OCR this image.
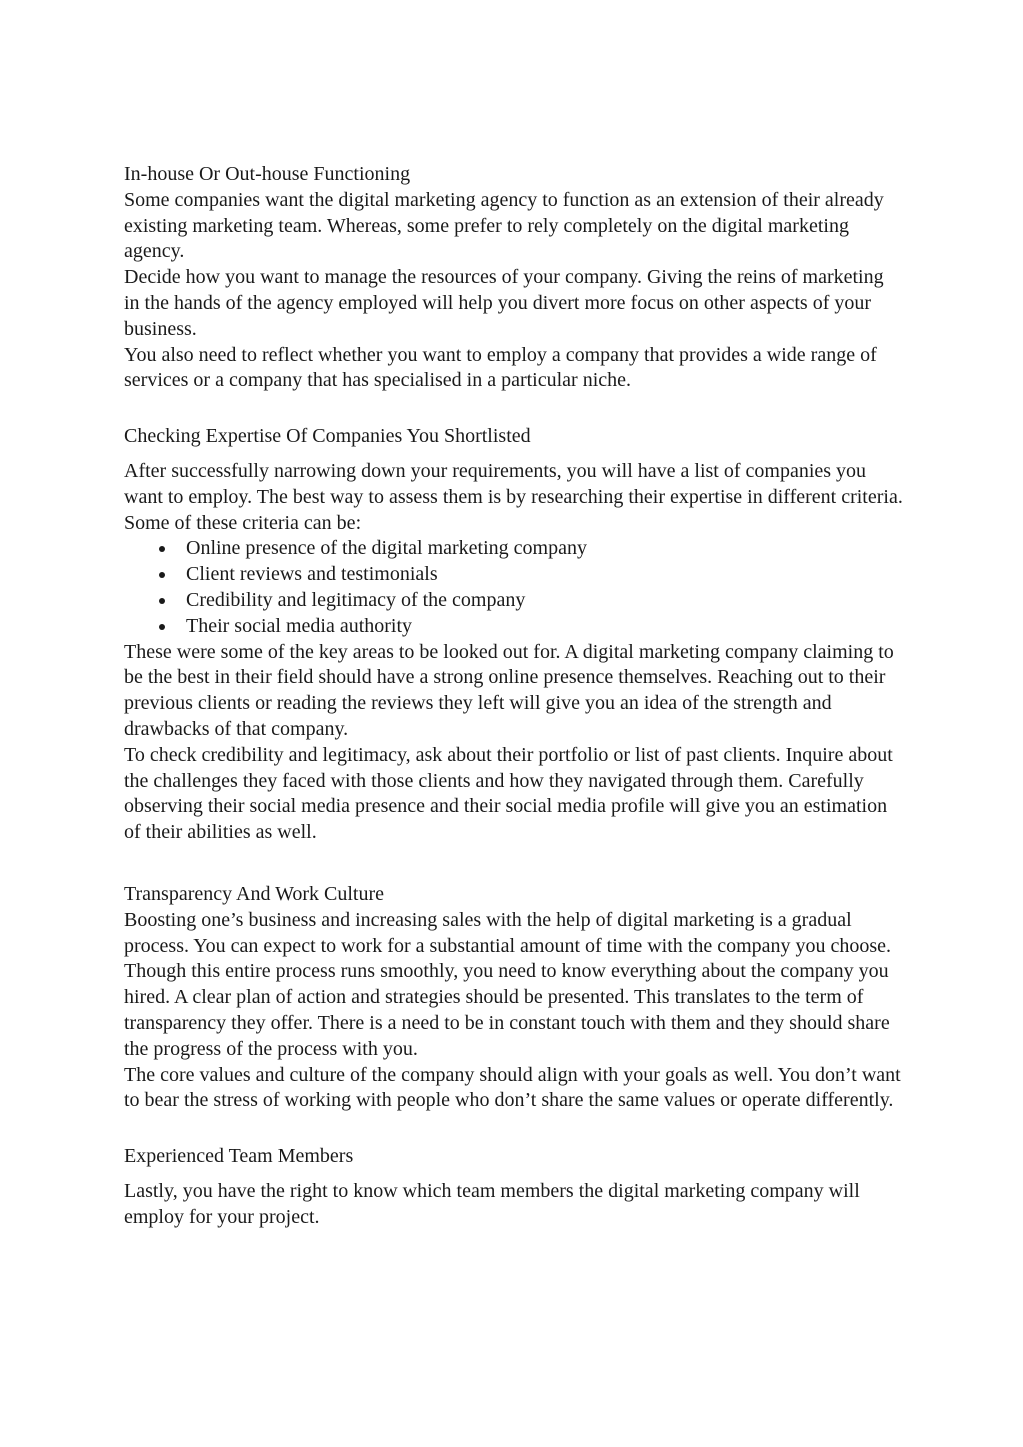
In-house Or Out-house Functioning

Some companies want the digital marketing agency to function as an extension of their already existing marketing team. Whereas, some prefer to rely completely on the digital marketing agency.

Decide how you want to manage the resources of your company. Giving the reins of marketing in the hands of the agency employed will help you divert more focus on other aspects of your business.

You also need to reflect whether you want to employ a company that provides a wide range of services or a company that has specialised in a particular niche.

Checking Expertise Of Companies You Shortlisted

After successfully narrowing down your requirements, you will have a list of companies you want to employ. The best way to assess them is by researching their expertise in different criteria. Some of these criteria can be:

Online presence of the digital marketing company
Client reviews and testimonials
Credibility and legitimacy of the company
Their social media authority

These were some of the key areas to be looked out for. A digital marketing company claiming to be the best in their field should have a strong online presence themselves. Reaching out to their previous clients or reading the reviews they left will give you an idea of the strength and drawbacks of that company.

To check credibility and legitimacy, ask about their portfolio or list of past clients. Inquire about the challenges they faced with those clients and how they navigated through them. Carefully observing their social media presence and their social media profile will give you an estimation of their abilities as well.

Transparency And Work Culture

Boosting one’s business and increasing sales with the help of digital marketing is a gradual process. You can expect to work for a substantial amount of time with the company you choose.

Though this entire process runs smoothly, you need to know everything about the company you hired. A clear plan of action and strategies should be presented. This translates to the term of transparency they offer. There is a need to be in constant touch with them and they should share the progress of the process with you.

The core values and culture of the company should align with your goals as well. You don’t want to bear the stress of working with people who don’t share the same values or operate differently.

Experienced Team Members

Lastly, you have the right to know which team members the digital marketing company will employ for your project.
